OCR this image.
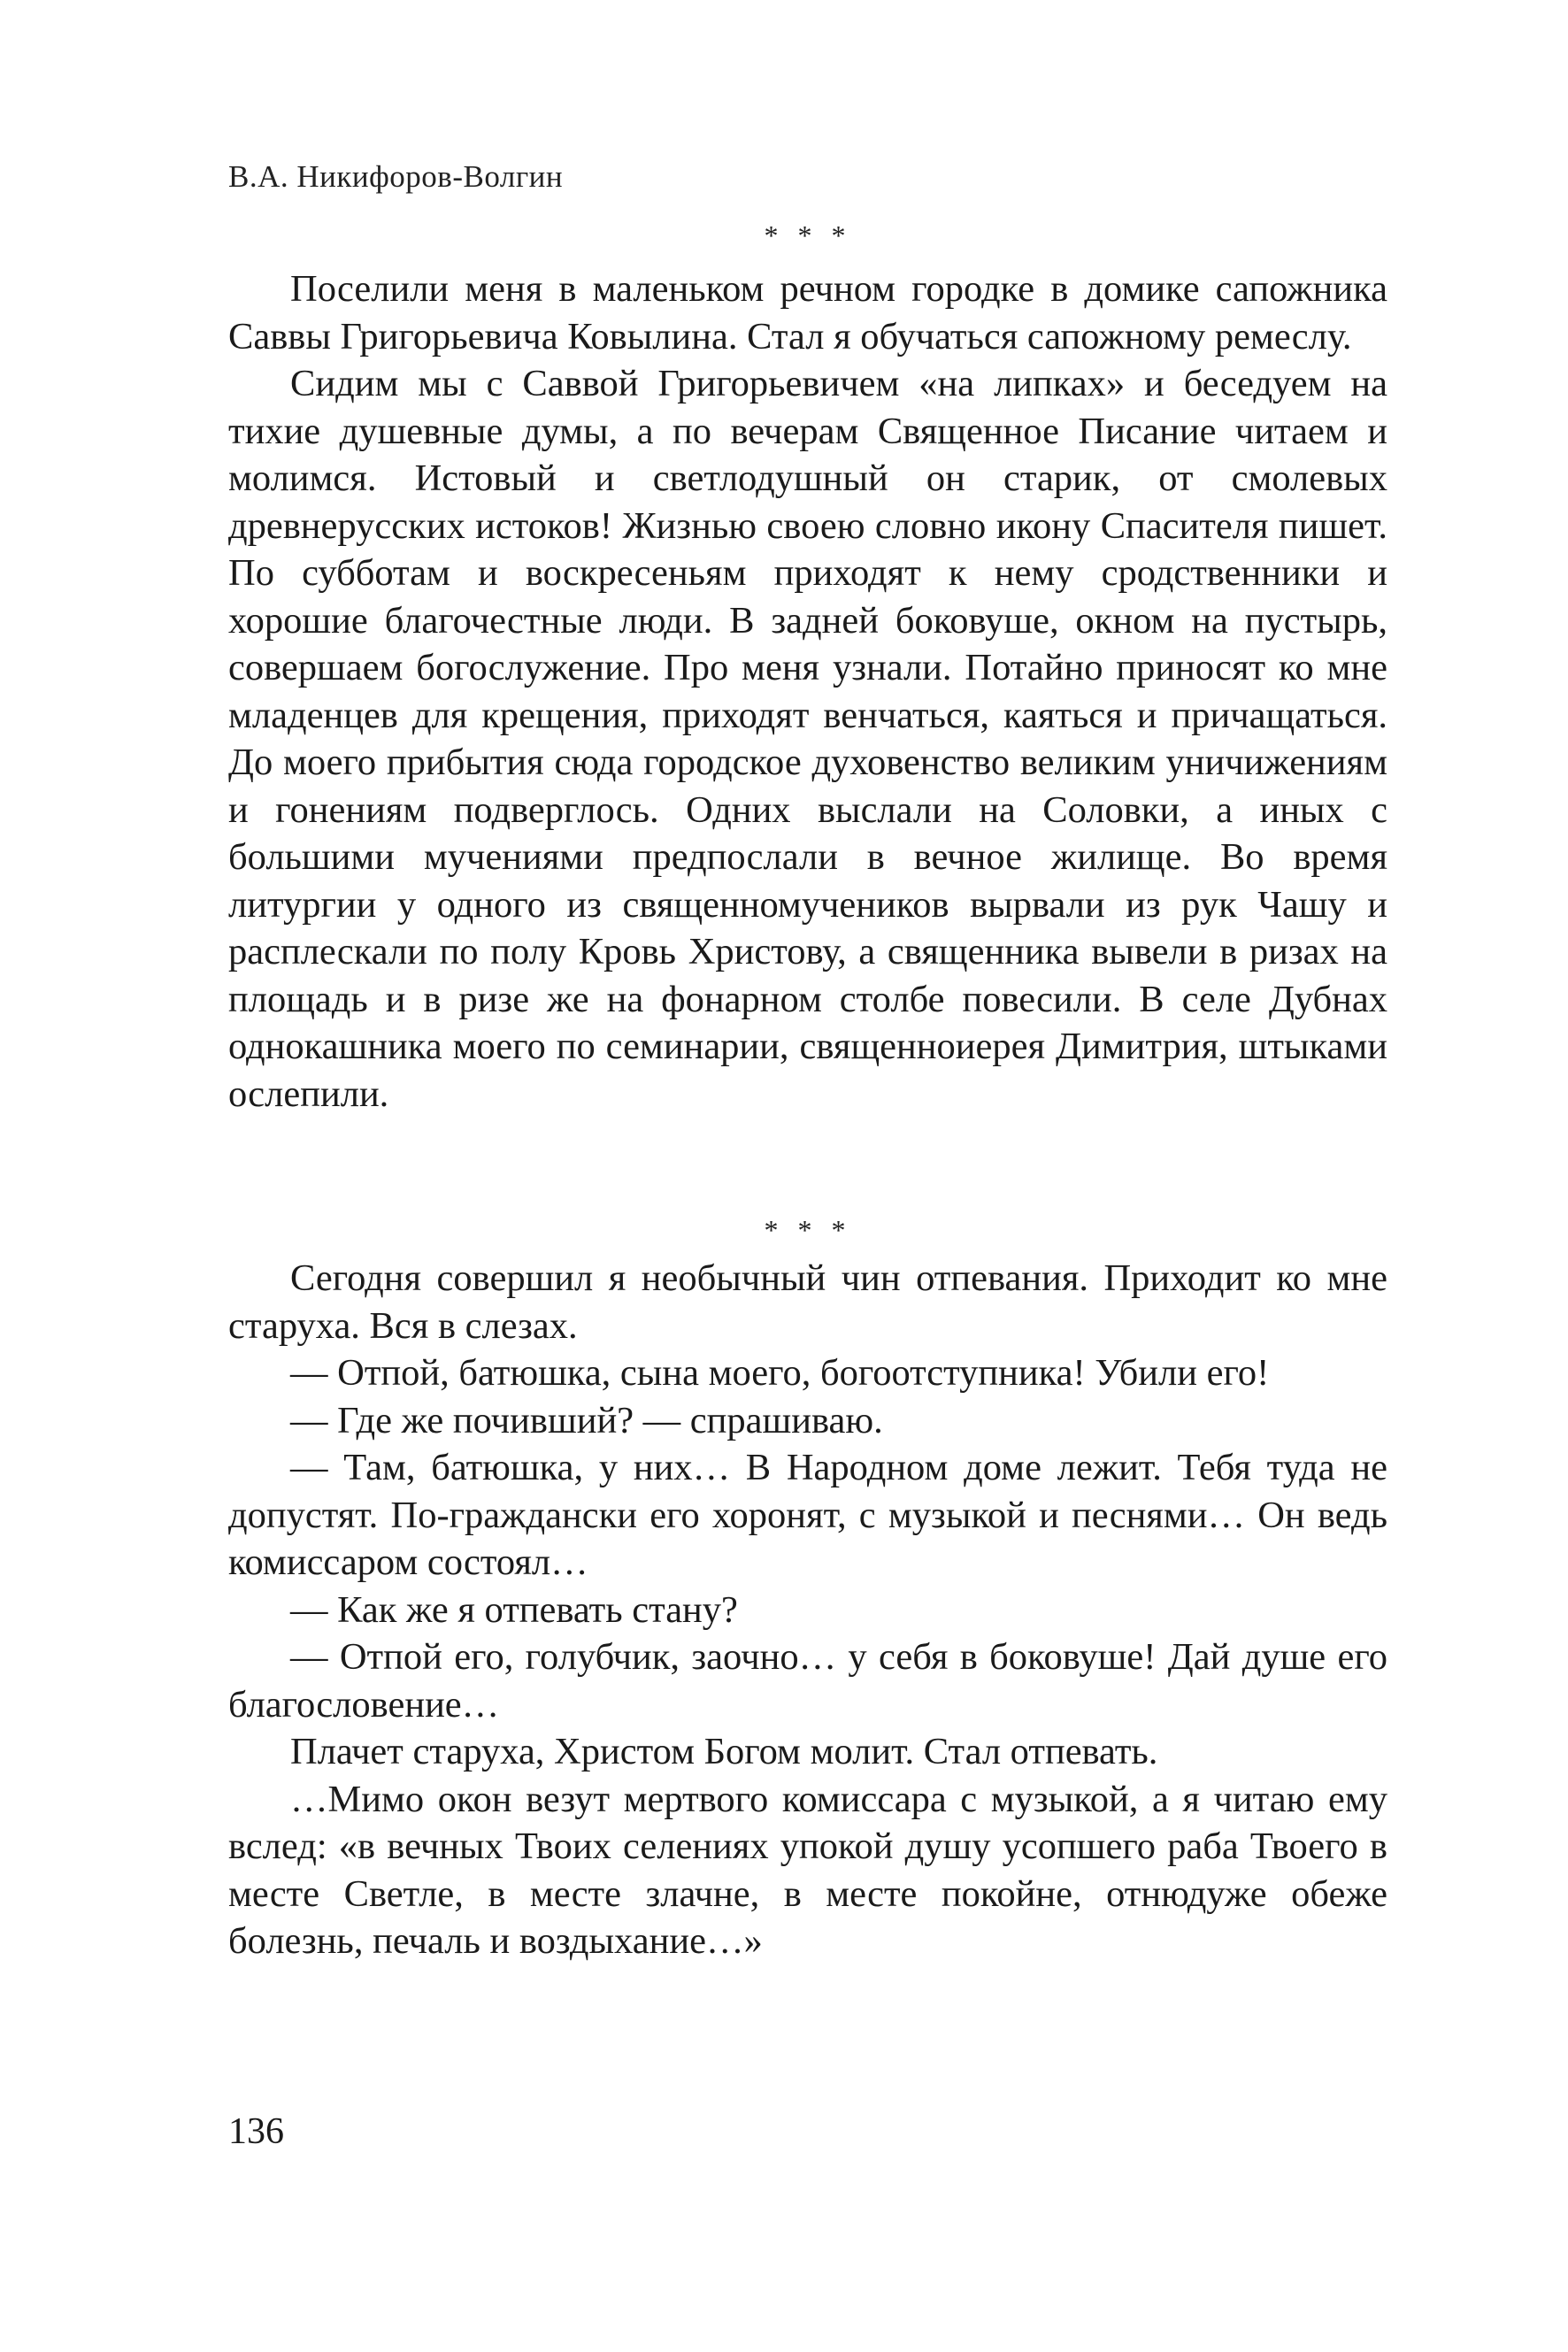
В.А. Никифоров-Волгин
* * *

Поселили меня в маленьком речном городке в домике сапожника Саввы Григорьевича Ковылина. Стал я обучаться сапожному ремеслу.

Сидим мы с Саввой Григорьевичем «на липках» и беседуем на тихие душевные думы, а по вечерам Священное Писание читаем и молимся. Истовый и светлодушный он старик, от смолевых древнерусских истоков! Жизнью своею словно икону Спасителя пишет. По субботам и воскресеньям приходят к нему сродственники и хорошие благочестные люди. В задней боковуше, окном на пустырь, совершаем богослужение. Про меня узнали. Потайно приносят ко мне младенцев для крещения, приходят венчаться, каяться и причащаться. До моего прибытия сюда городское духовенство великим уничижениям и гонениям подверглось. Одних выслали на Соловки, а иных с большими мучениями предпослали в вечное жилище. Во время литургии у одного из священномучеников вырвали из рук Чашу и расплескали по полу Кровь Христову, а священника вывели в ризах на площадь и в ризе же на фонарном столбе повесили. В селе Дубнах однокашника моего по семинарии, священноиерея Димитрия, штыками ослепили.

* * *

Сегодня совершил я необычный чин отпевания. Приходит ко мне старуха. Вся в слезах.

— Отпой, батюшка, сына моего, богоотступника! Убили его!

— Где же почивший? — спрашиваю.

— Там, батюшка, у них… В Народном доме лежит. Тебя туда не допустят. По-граждански его хоронят, с музыкой и песнями… Он ведь комиссаром состоял…

— Как же я отпевать стану?

— Отпой его, голубчик, заочно… у себя в боковуше! Дай душе его благословение…

Плачет старуха, Христом Богом молит. Стал отпевать.

…Мимо окон везут мертвого комиссара с музыкой, а я читаю ему вслед: «в вечных Твоих селениях упокой душу усопшего раба Твоего в месте Светле, в месте злачне, в месте покойне, отнюдуже обеже болезнь, печаль и воздыхание…»

136
